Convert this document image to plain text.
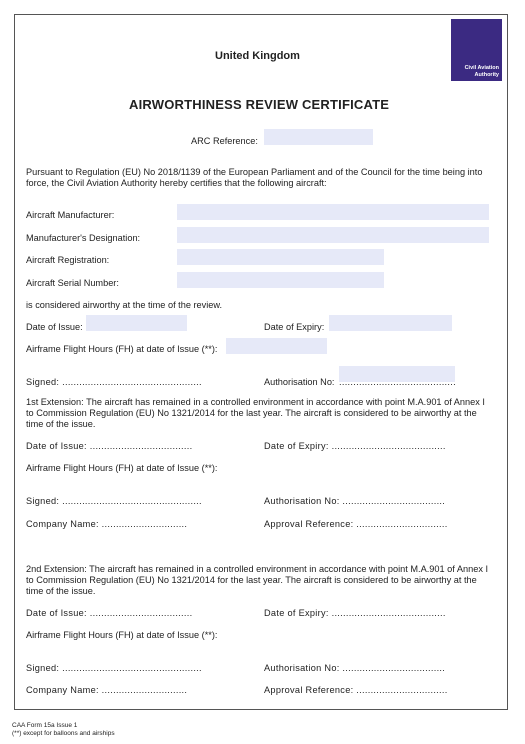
United Kingdom
Civil Aviation
Authority
AIRWORTHINESS REVIEW CERTIFICATE
ARC Reference:
Pursuant to Regulation (EU) No 2018/1139 of the European Parliament and of the Council for the time being into force, the Civil Aviation Authority hereby certifies that the following aircraft:
Aircraft Manufacturer:
Manufacturer's Designation:
Aircraft Registration:
Aircraft Serial Number:
is considered airworthy at the time of the review.
Date of Issue:	Date of Expiry:
Airframe Flight Hours (FH) at date of Issue (**):
Signed: .................................................	Authorisation No: .........................................
1st Extension: The aircraft has remained in a controlled environment in accordance with point M.A.901 of Annex I to Commission Regulation (EU) No 1321/2014 for the last year. The aircraft is considered to be airworthy at the time of the issue.
Date of Issue: ....................................	Date of Expiry: ........................................
Airframe Flight Hours (FH) at date of Issue (**):
Signed: .................................................	Authorisation No: ....................................
Company Name: ..............................	Approval Reference: ................................
2nd Extension: The aircraft has remained in a controlled environment in accordance with point M.A.901 of Annex I to Commission Regulation (EU) No 1321/2014 for the last year. The aircraft is considered to be airworthy at the time of the issue.
Date of Issue: ....................................	Date of Expiry: ........................................
Airframe Flight Hours (FH) at date of Issue (**):
Signed: .................................................	Authorisation No: ....................................
Company Name: ..............................	Approval Reference: ................................
CAA Form 15a Issue 1
(**) except for balloons and airships
